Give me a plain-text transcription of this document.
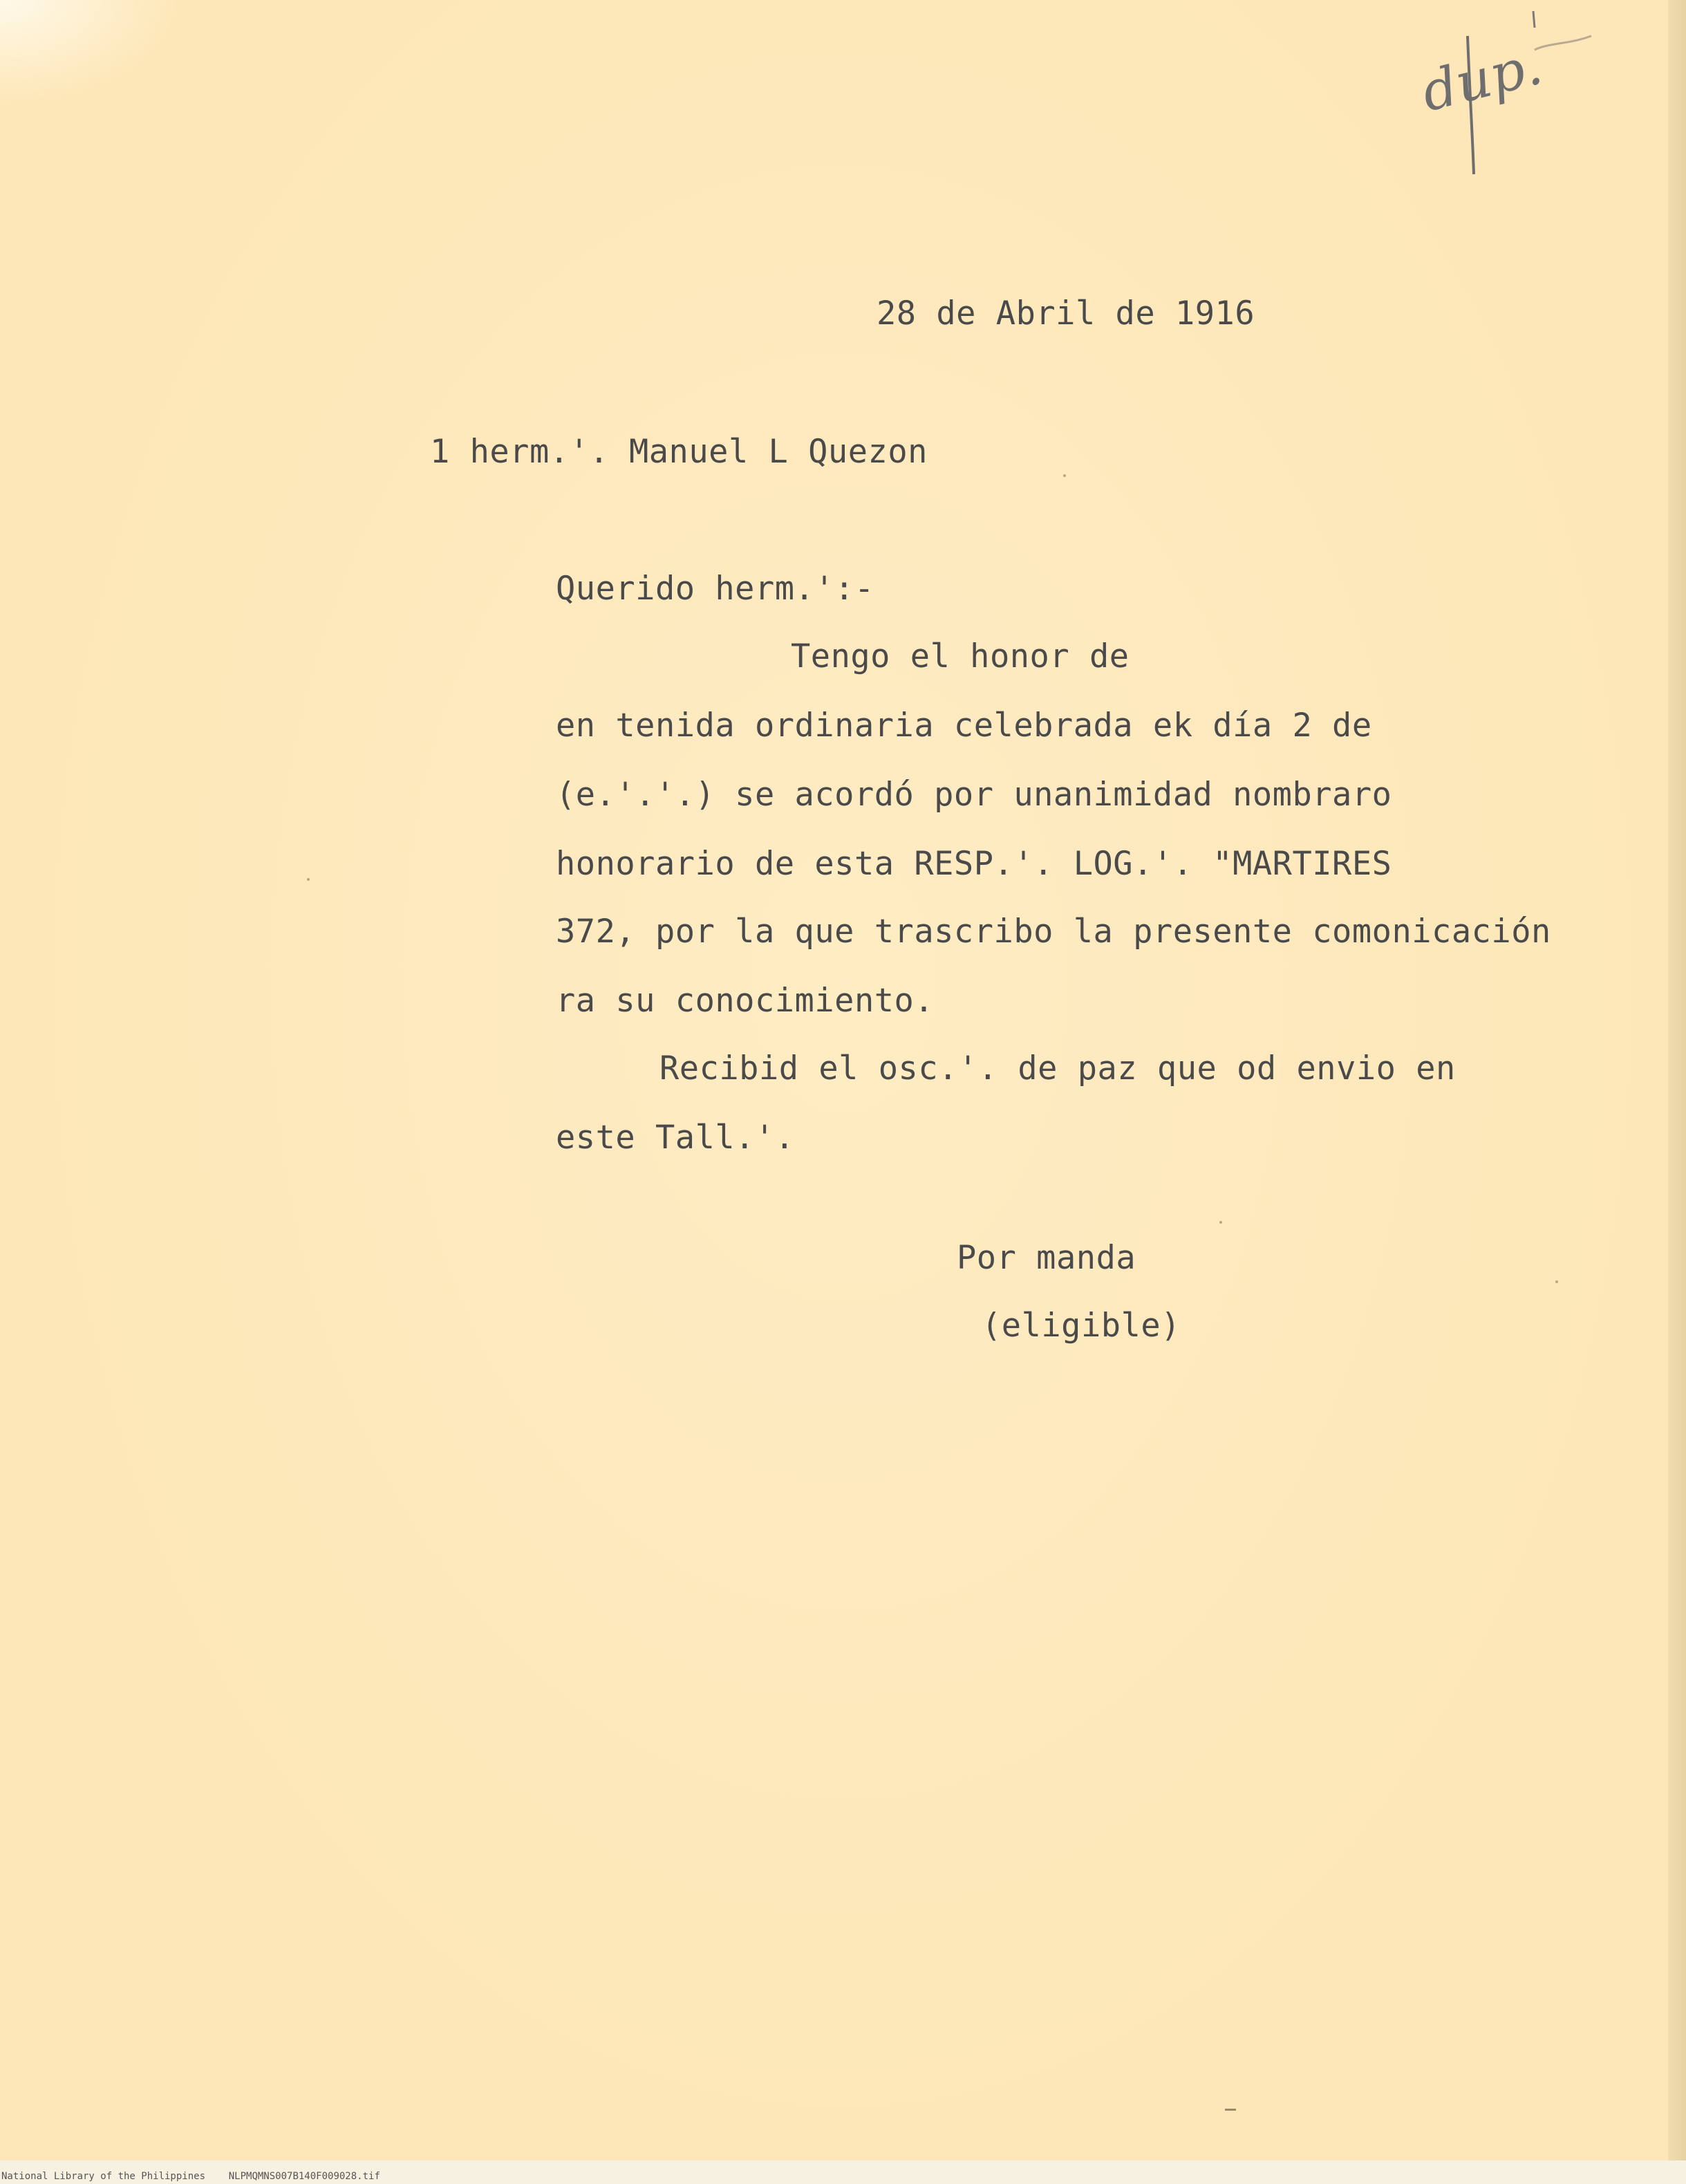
dup.

28 de Abril de 1916

1 herm.'. Manuel L Quezon

Querido herm.':-

Tengo el honor de

en tenida ordinaria celebrada ek día 2 de

(e.'.'.) se acordó por unanimidad nombraro

honorario de esta RESP.'. LOG.'. "MARTIRES

372, por la que trascribo la presente comonicación

ra su conocimiento.

Recibid el osc.'. de paz que od envio en

este Tall.'.

Por manda

(eligible)

National Library of the Philippines NLPMQMNS007B140F009028.tif
